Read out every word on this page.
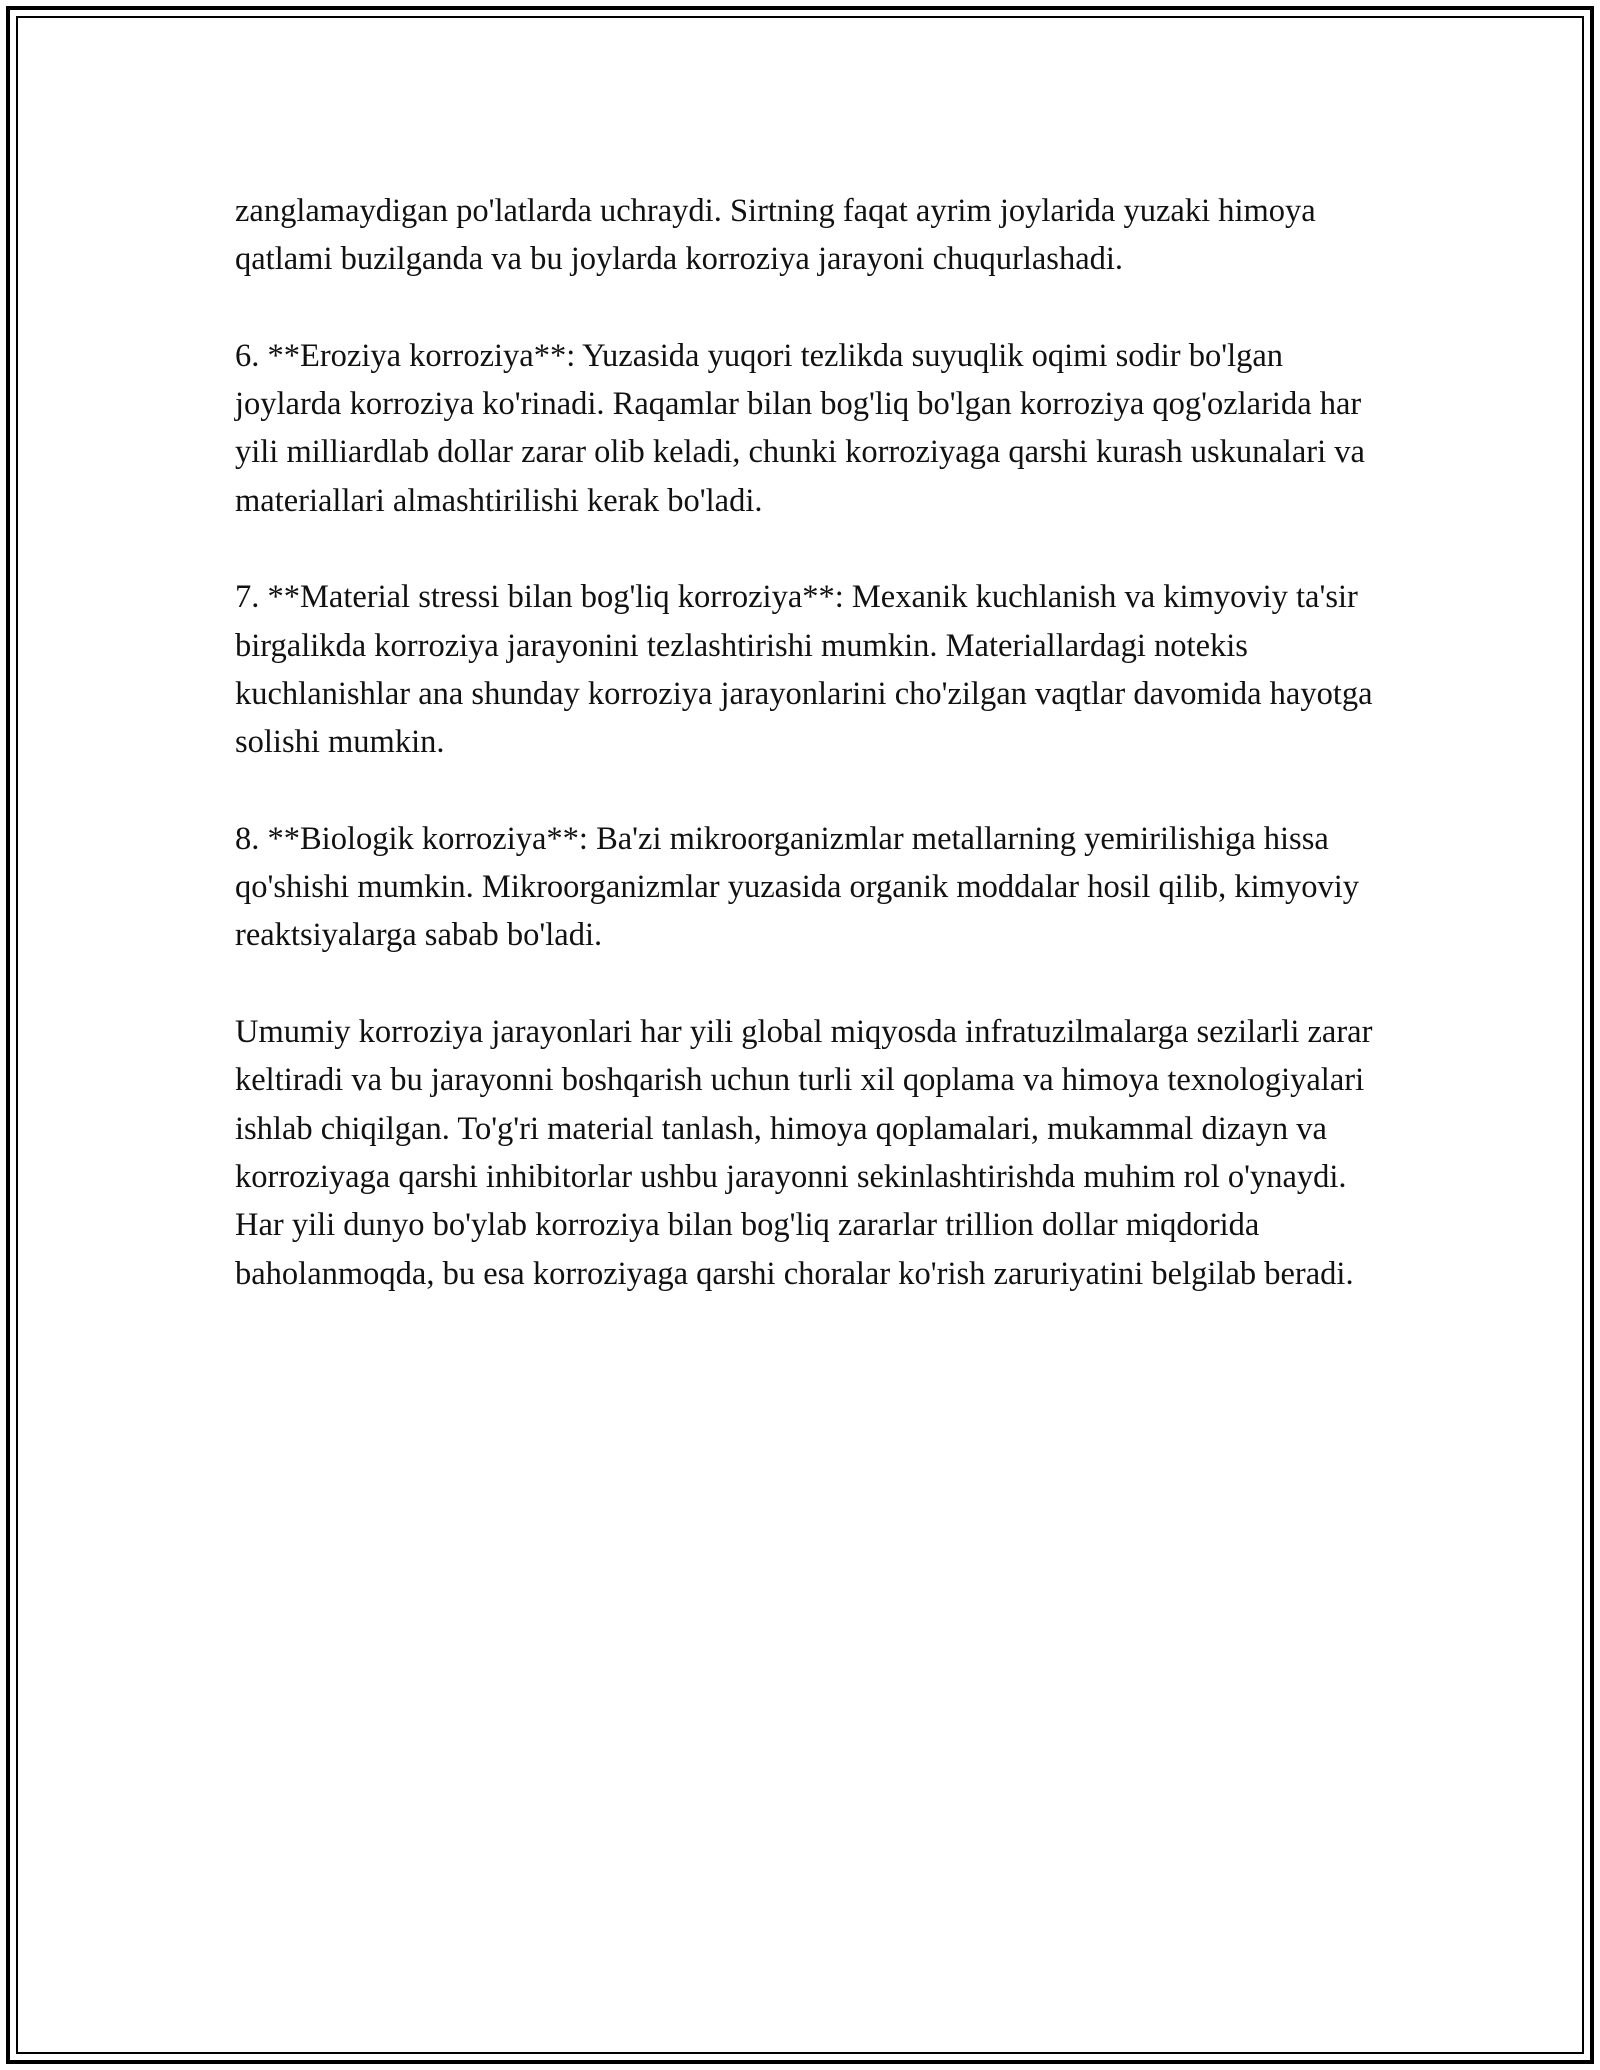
zanglamaydigan po'latlarda uchraydi. Sirtning faqat ayrim joylarida yuzaki himoya qatlami buzilganda va bu joylarda korroziya jarayoni chuqurlashadi.

6. **Eroziya korroziya**: Yuzasida yuqori tezlikda suyuqlik oqimi sodir bo'lgan joylarda korroziya ko'rinadi. Raqamlar bilan bog'liq bo'lgan korroziya qog'ozlarida har yili milliardlab dollar zarar olib keladi, chunki korroziyaga qarshi kurash uskunalari va materiallari almashtirilishi kerak bo'ladi.

7. **Material stressi bilan bog'liq korroziya**: Mexanik kuchlanish va kimyoviy ta'sir birgalikda korroziya jarayonini tezlashtirishi mumkin. Materiallardagi notekis kuchlanishlar ana shunday korroziya jarayonlarini cho'zilgan vaqtlar davomida hayotga solishi mumkin.

8. **Biologik korroziya**: Ba'zi mikroorganizmlar metallarning yemirilishiga hissa qo'shishi mumkin. Mikroorganizmlar yuzasida organik moddalar hosil qilib, kimyoviy reaktsiyalarga sabab bo'ladi.

Umumiy korroziya jarayonlari har yili global miqyosda infratuzilmalarga sezilarli zarar keltiradi va bu jarayonni boshqarish uchun turli xil qoplama va himoya texnologiyalari ishlab chiqilgan. To'g'ri material tanlash, himoya qoplamalari, mukammal dizayn va korroziyaga qarshi inhibitorlar ushbu jarayonni sekinlashtirishda muhim rol o'ynaydi. Har yili dunyo bo'ylab korroziya bilan bog'liq zararlar trillion dollar miqdorida baholanmoqda, bu esa korroziyaga qarshi choralar ko'rish zaruriyatini belgilab beradi.
